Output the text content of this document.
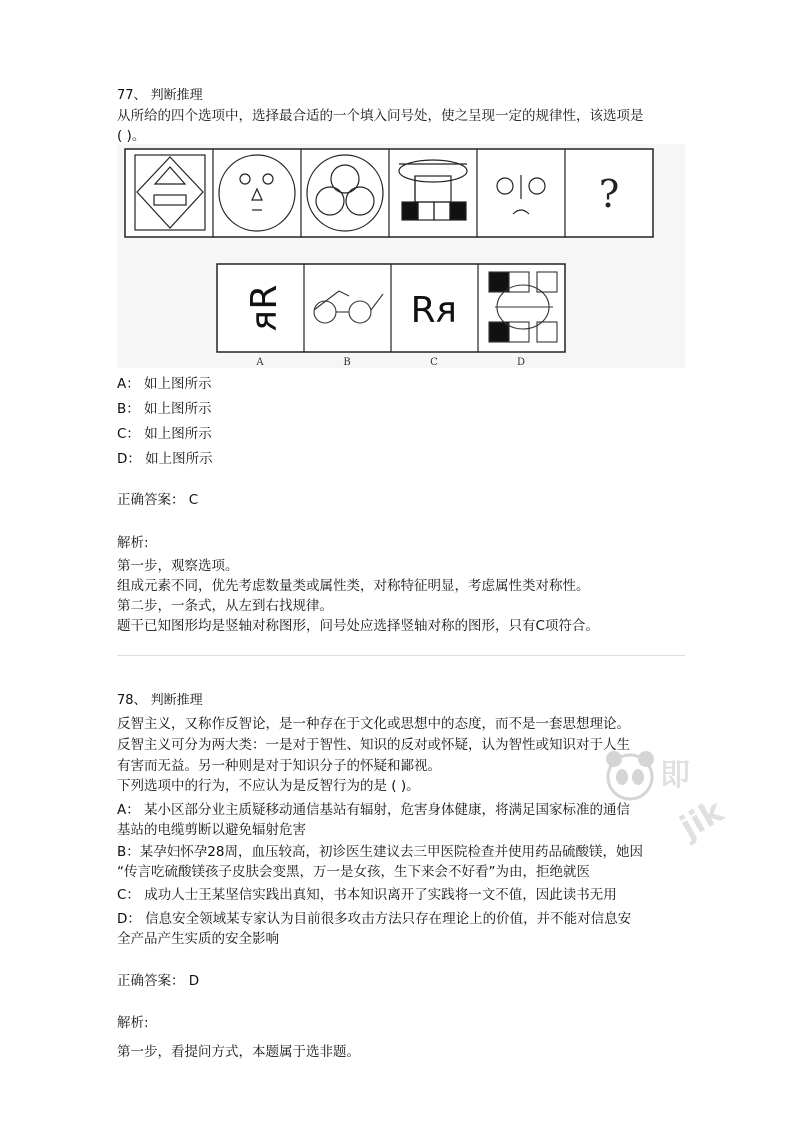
77、 判断推理
从所给的四个选项中，选择最合适的一个填入问号处，使之呈现一定的规律性，该选项是
( )。
?
ᴙR	Rᴙ
A	B	C	D
A： 如上图所示
B： 如上图所示
C： 如上图所示
D： 如上图所示
正确答案： C
解析:
第一步，观察选项。
组成元素不同，优先考虑数量类或属性类，对称特征明显，考虑属性类对称性。
第二步，一条式，从左到右找规律。
题干已知图形均是竖轴对称图形，问号处应选择竖轴对称的图形，只有C项符合。
78、 判断推理
反智主义，又称作反智论，是一种存在于文化或思想中的态度，而不是一套思想理论。
反智主义可分为两大类：一是对于智性、知识的反对或怀疑，认为智性或知识对于人生
有害而无益。另一种则是对于知识分子的怀疑和鄙视。
下列选项中的行为，不应认为是反智行为的是 ( )。
A： 某小区部分业主质疑移动通信基站有辐射，危害身体健康，将满足国家标准的通信
基站的电缆剪断以避免辐射危害
B：某孕妇怀孕28周，血压较高，初诊医生建议去三甲医院检查并使用药品硫酸镁，她因
“传言吃硫酸镁孩子皮肤会变黑，万一是女孩，生下来会不好看”为由，拒绝就医
C： 成功人士王某坚信实践出真知，书本知识离开了实践将一文不值，因此读书无用
D： 信息安全领域某专家认为目前很多攻击方法只存在理论上的价值，并不能对信息安
全产品产生实质的安全影响
正确答案： D
解析:
第一步，看提问方式，本题属于选非题。
即
jik
